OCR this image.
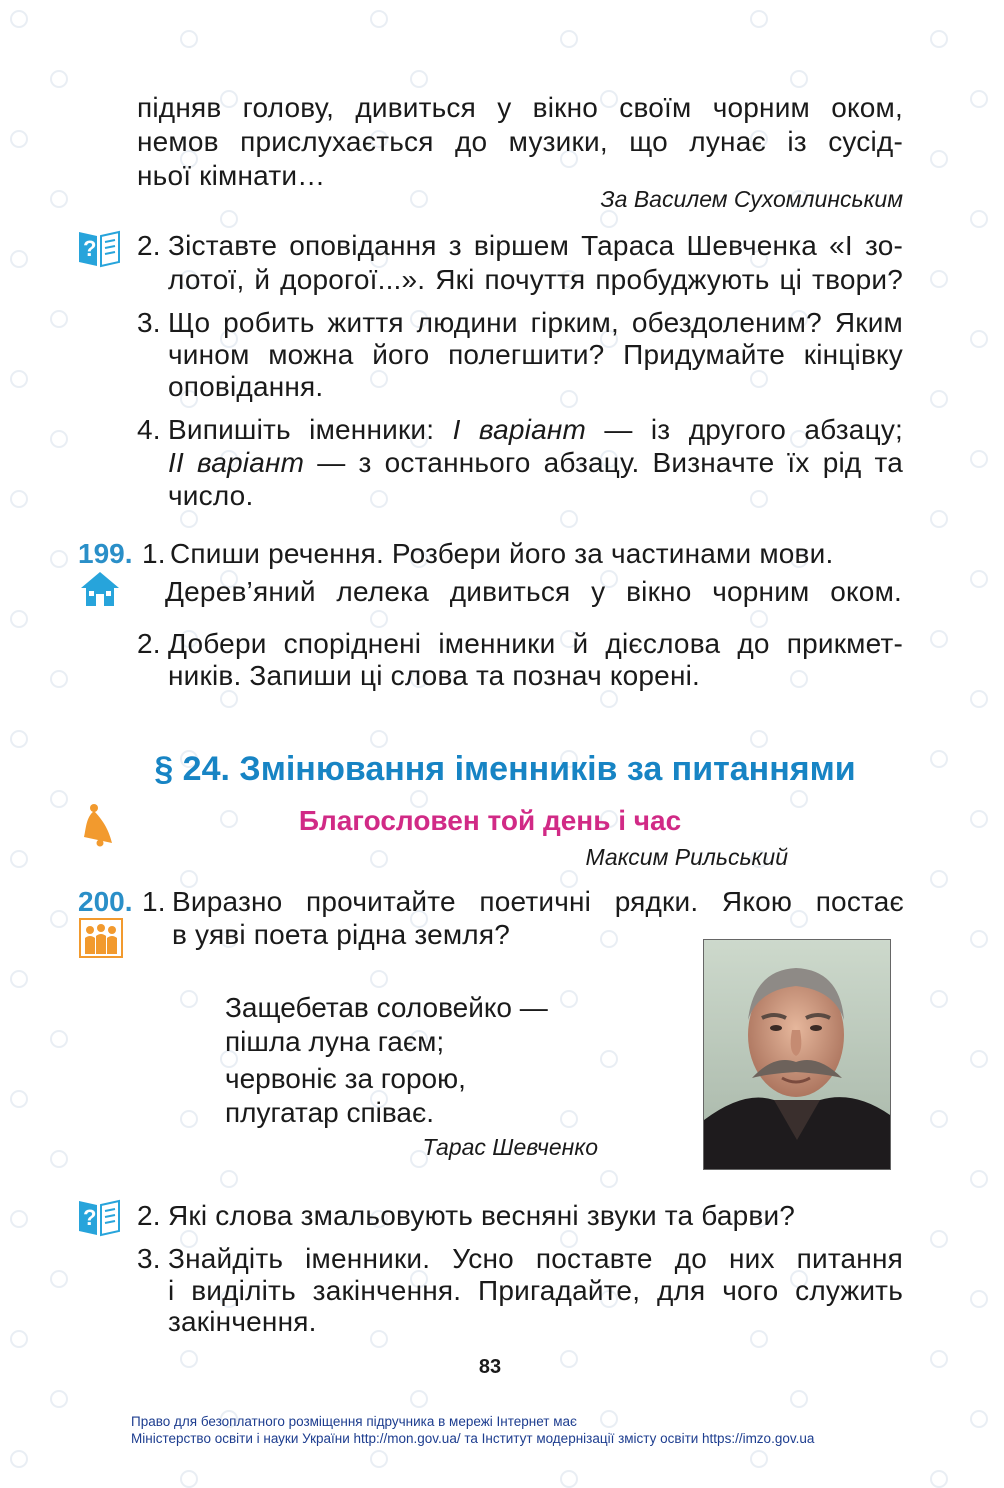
підняв голову, дивиться у вікно своїм чорним оком,
немов прислухається до музики, що лунає із сусід-
ньої кімнати…
За Василем Сухомлинським
? 2. Зіставте оповідання з віршем Тараса Шевченка «І зо-
лотої, й дорогої...». Які почуття пробуджують ці твори?
3. Що робить життя людини гірким, обездоленим? Яким
чином можна його полегшити? Придумайте кінцівку
оповідання.
4. Випишіть іменники: І варіант — із другого абзацу;
ІІ варіант — з останнього абзацу. Визначте їх рід та
число.
199. 1. Спиши речення. Розбери його за частинами мови.
Дерев’яний лелека дивиться у вікно чорним оком.
2. Добери споріднені іменники й дієслова до прикмет-
ників. Запиши ці слова та познач корені.
§ 24. Змінювання іменників за питаннями
Благословен той день і час
Максим Рильський
200. 1. Виразно прочитайте поетичні рядки. Якою постає
в уяві поета рідна земля?
Защебетав соловейко —
пішла луна гаєм;
червоніє за горою,
плугатар співає.
Тарас Шевченко
? 2. Які слова змальовують весняні звуки та барви?
3. Знайдіть іменники. Усно поставте до них питання
і виділіть закінчення. Пригадайте, для чого служить
закінчення.
83
Право для безоплатного розміщення підручника в мережі Інтернет має
Міністерство освіти і науки України http://mon.gov.ua/ та Інститут модернізації змісту освіти https://imzo.gov.ua
